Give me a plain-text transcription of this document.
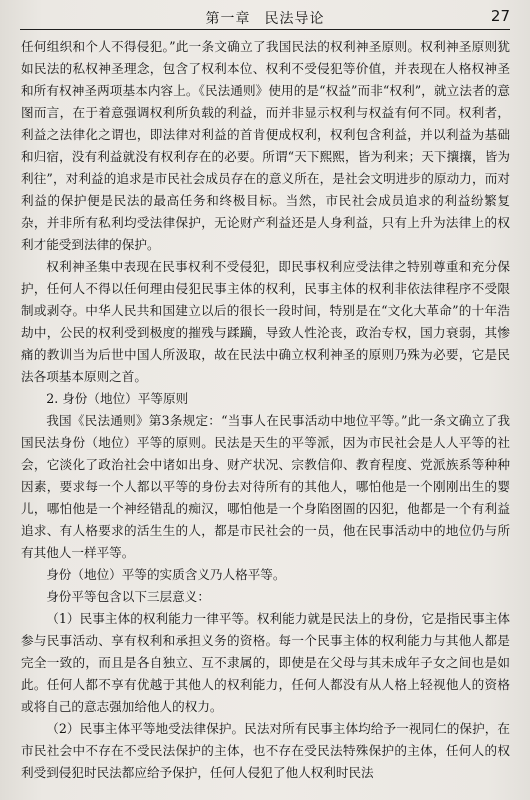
第一章 民法导论	27

任何组织和个人不得侵犯。”此一条文确立了我国民法的权利神圣原则。权利神圣原则犹如民法的私权神圣理念，包含了权利本位、权利不受侵犯等价值，并表现在人格权神圣和所有权神圣两项基本内容上。《民法通则》使用的是“权益”而非“权利”，就立法者的意图而言，在于着意强调权利所负载的利益，而并非显示权利与权益有何不同。权利者，利益之法律化之谓也，即法律对利益的首肯便成权利，权利包含利益，并以利益为基础和归宿，没有利益就没有权利存在的必要。所谓“天下熙熙，皆为利来；天下攘攘，皆为利往”，对利益的追求是市民社会成员存在的意义所在，是社会文明进步的原动力，而对利益的保护便是民法的最高任务和终极目标。当然，市民社会成员追求的利益纷繁复杂，并非所有私利均受法律保护，无论财产利益还是人身利益，只有上升为法律上的权利才能受到法律的保护。

权利神圣集中表现在民事权利不受侵犯，即民事权利应受法律之特别尊重和充分保护，任何人不得以任何理由侵犯民事主体的权利，民事主体的权利非依法律程序不受限制或剥夺。中华人民共和国建立以后的很长一段时间，特别是在“文化大革命”的十年浩劫中，公民的权利受到极度的摧残与蹂躏，导致人性沦丧，政治专权，国力衰弱，其惨痛的教训当为后世中国人所汲取，故在民法中确立权利神圣的原则乃殊为必要，它是民法各项基本原则之首。

2. 身份（地位）平等原则

我国《民法通则》第3条规定：“当事人在民事活动中地位平等。”此一条文确立了我国民法身份（地位）平等的原则。民法是天生的平等派，因为市民社会是人人平等的社会，它淡化了政治社会中诸如出身、财产状况、宗教信仰、教育程度、党派族系等种种因素，要求每一个人都以平等的身份去对待所有的其他人，哪怕他是一个刚刚出生的婴儿，哪怕他是一个神经错乱的痴汉，哪怕他是一个身陷囹圄的囚犯，他都是一个有利益追求、有人格要求的活生生的人，都是市民社会的一员，他在民事活动中的地位仍与所有其他人一样平等。

身份（地位）平等的实质含义乃人格平等。

身份平等包含以下三层意义：

（1）民事主体的权利能力一律平等。权利能力就是民法上的身份，它是指民事主体参与民事活动、享有权利和承担义务的资格。每一个民事主体的权利能力与其他人都是完全一致的，而且是各自独立、互不隶属的，即使是在父母与其未成年子女之间也是如此。任何人都不享有优越于其他人的权利能力，任何人都没有从人格上轻视他人的资格或将自己的意志强加给他人的权力。

（2）民事主体平等地受法律保护。民法对所有民事主体均给予一视同仁的保护，在市民社会中不存在不受民法保护的主体，也不存在受民法特殊保护的主体，任何人的权利受到侵犯时民法都应给予保护，任何人侵犯了他人权利时民法
